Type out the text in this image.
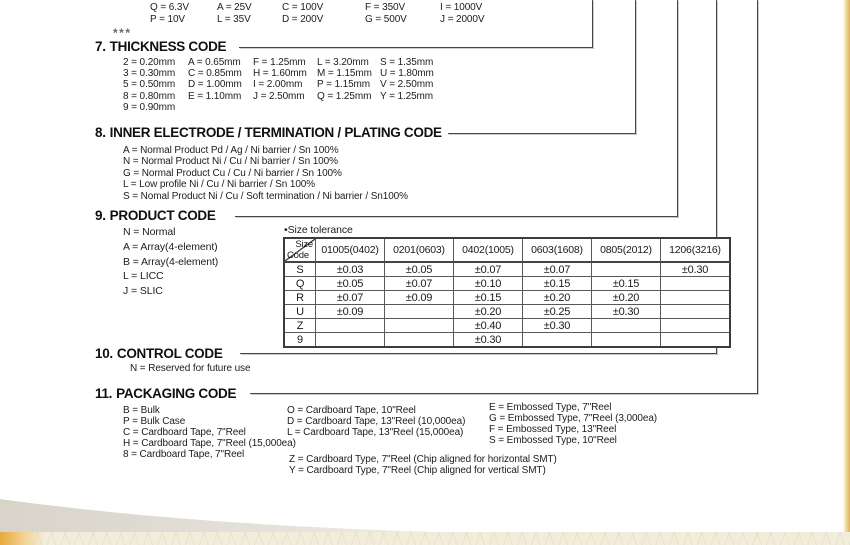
Q = 6.3V	A = 25V	C = 100V	F = 350V	I = 1000V
P = 10V	L = 35V	D = 200V	G = 500V	J = 2000V
***
7. THICKNESS CODE
2 = 0.20mm	A = 0.65mm	F = 1.25mm	L = 3.20mm	S = 1.35mm
3 = 0.30mm	C = 0.85mm	H = 1.60mm	M = 1.15mm U = 1.80mm
5 = 0.50mm	D = 1.00mm	I = 2.00mm	P = 1.15mm V = 2.50mm
8 = 0.80mm	E = 1.10mm	J = 2.50mm	Q = 1.25mm Y = 1.25mm
9 = 0.90mm
8. INNER ELECTRODE / TERMINATION / PLATING CODE
A = Normal Product Pd / Ag / Ni barrier / Sn 100%
N = Normal Product Ni / Cu / Ni barrier / Sn 100%
G = Normal Product Cu / Cu / Ni barrier / Sn 100%
L = Low profile Ni / Cu / Ni barrier / Sn 100%
S = Nomal Product Ni / Cu / Soft termination / Ni barrier / Sn100%
9. PRODUCT CODE
N = Normal
A = Array(4-element)
B = Array(4-element)
L = LICC
J = SLIC
•Size tolerance
Size
Code	01005(0402)	0201(0603)	0402(1005)	0603(1608)	0805(2012)	1206(3216)
S	±0.03	±0.05	±0.07	±0.07		±0.30
Q	±0.05	±0.07	±0.10	±0.15	±0.15	
R	±0.07	±0.09	±0.15	±0.20	±0.20	
U	±0.09		±0.20	±0.25	±0.30	
Z			±0.40	±0.30		
9			±0.30			
10. CONTROL CODE
N = Reserved for future use
11. PACKAGING CODE
B = Bulk
P = Bulk Case
C = Cardboard Tape, 7"Reel
H = Cardboard Tape, 7"Reel (15,000ea)
8 = Cardboard Tape, 7"Reel
O = Cardboard Tape, 10"Reel
D = Cardboard Tape, 13"Reel (10,000ea)
L = Cardboard Tape, 13"Reel (15,000ea)
Z = Cardboard Type, 7"Reel (Chip aligned for horizontal SMT)
Y = Cardboard Type, 7"Reel (Chip aligned for vertical SMT)
E = Embossed Type, 7"Reel
G = Embossed Type, 7"Reel (3,000ea)
F = Embossed Type, 13"Reel
S = Embossed Type, 10"Reel
